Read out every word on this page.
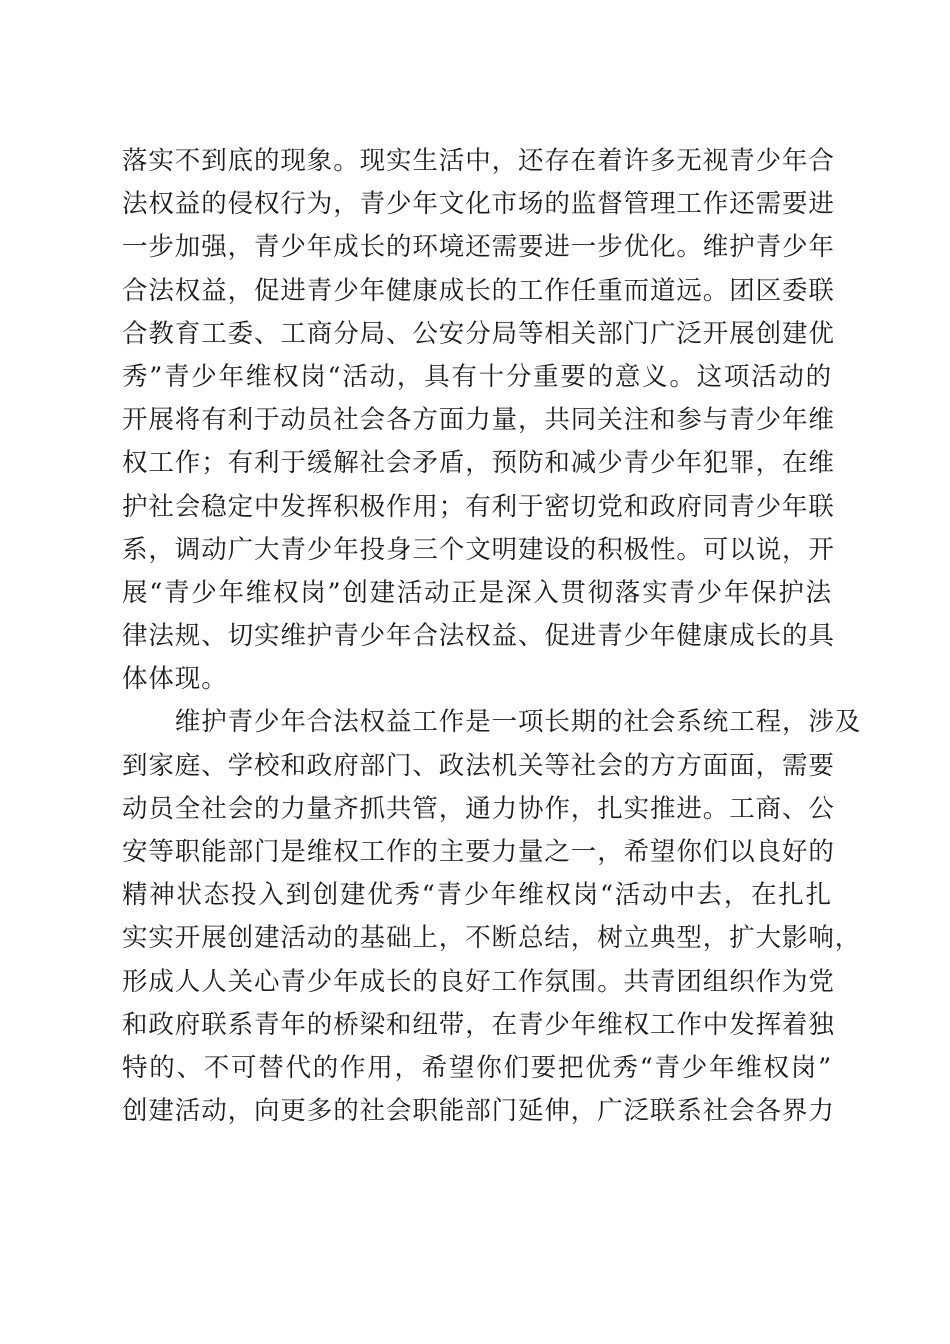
落实不到底的现象。现实生活中，还存在着许多无视青少年合
法权益的侵权行为，青少年文化市场的监督管理工作还需要进
一步加强，青少年成长的环境还需要进一步优化。维护青少年
合法权益，促进青少年健康成长的工作任重而道远。团区委联
合教育工委、工商分局、公安分局等相关部门广泛开展创建优
秀”青少年维权岗“活动，具有十分重要的意义。这项活动的
开展将有利于动员社会各方面力量，共同关注和参与青少年维
权工作；有利于缓解社会矛盾，预防和减少青少年犯罪，在维
护社会稳定中发挥积极作用；有利于密切党和政府同青少年联
系，调动广大青少年投身三个文明建设的积极性。可以说，开
展“青少年维权岗”创建活动正是深入贯彻落实青少年保护法
律法规、切实维护青少年合法权益、促进青少年健康成长的具
体体现。
　　维护青少年合法权益工作是一项长期的社会系统工程，涉及
到家庭、学校和政府部门、政法机关等社会的方方面面，需要
动员全社会的力量齐抓共管，通力协作，扎实推进。工商、公
安等职能部门是维权工作的主要力量之一，希望你们以良好的
精神状态投入到创建优秀“青少年维权岗“活动中去，在扎扎
实实开展创建活动的基础上，不断总结，树立典型，扩大影响，
形成人人关心青少年成长的良好工作氛围。共青团组织作为党
和政府联系青年的桥梁和纽带，在青少年维权工作中发挥着独
特的、不可替代的作用，希望你们要把优秀“青少年维权岗”
创建活动，向更多的社会职能部门延伸，广泛联系社会各界力
